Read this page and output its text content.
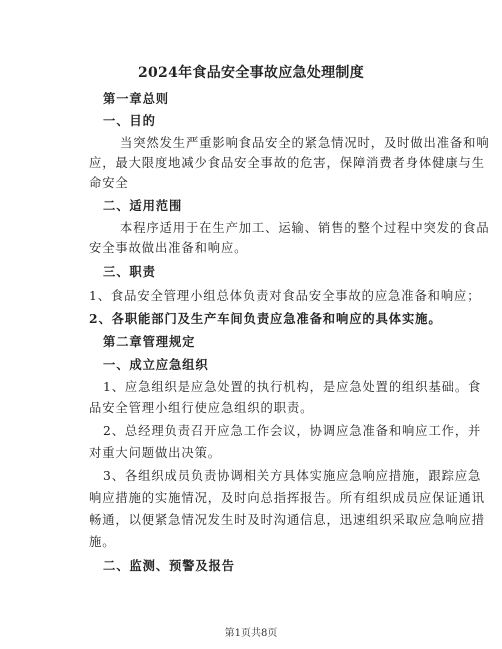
2024年食品安全事故应急处理制度
第一章总则
一、目的
当突然发生严重影响食品安全的紧急情况时，及时做出准备和响
应，最大限度地减少食品安全事故的危害，保障消费者身体健康与生
命安全
二、适用范围
本程序适用于在生产加工、运输、销售的整个过程中突发的食品
安全事故做出准备和响应。
三、职责
1、食品安全管理小组总体负责对食品安全事故的应急准备和响应；
2、各职能部门及生产车间负责应急准备和响应的具体实施。
第二章管理规定
一、成立应急组织
1、应急组织是应急处置的执行机构，是应急处置的组织基础。食
品安全管理小组行使应急组织的职责。
2、总经理负责召开应急工作会议，协调应急准备和响应工作，并
对重大问题做出决策。
3、各组织成员负责协调相关方具体实施应急响应措施，跟踪应急
响应措施的实施情况，及时向总指挥报告。所有组织成员应保证通讯
畅通，以便紧急情况发生时及时沟通信息，迅速组织采取应急响应措
施。
二、监测、预警及报告
第1页共8页
